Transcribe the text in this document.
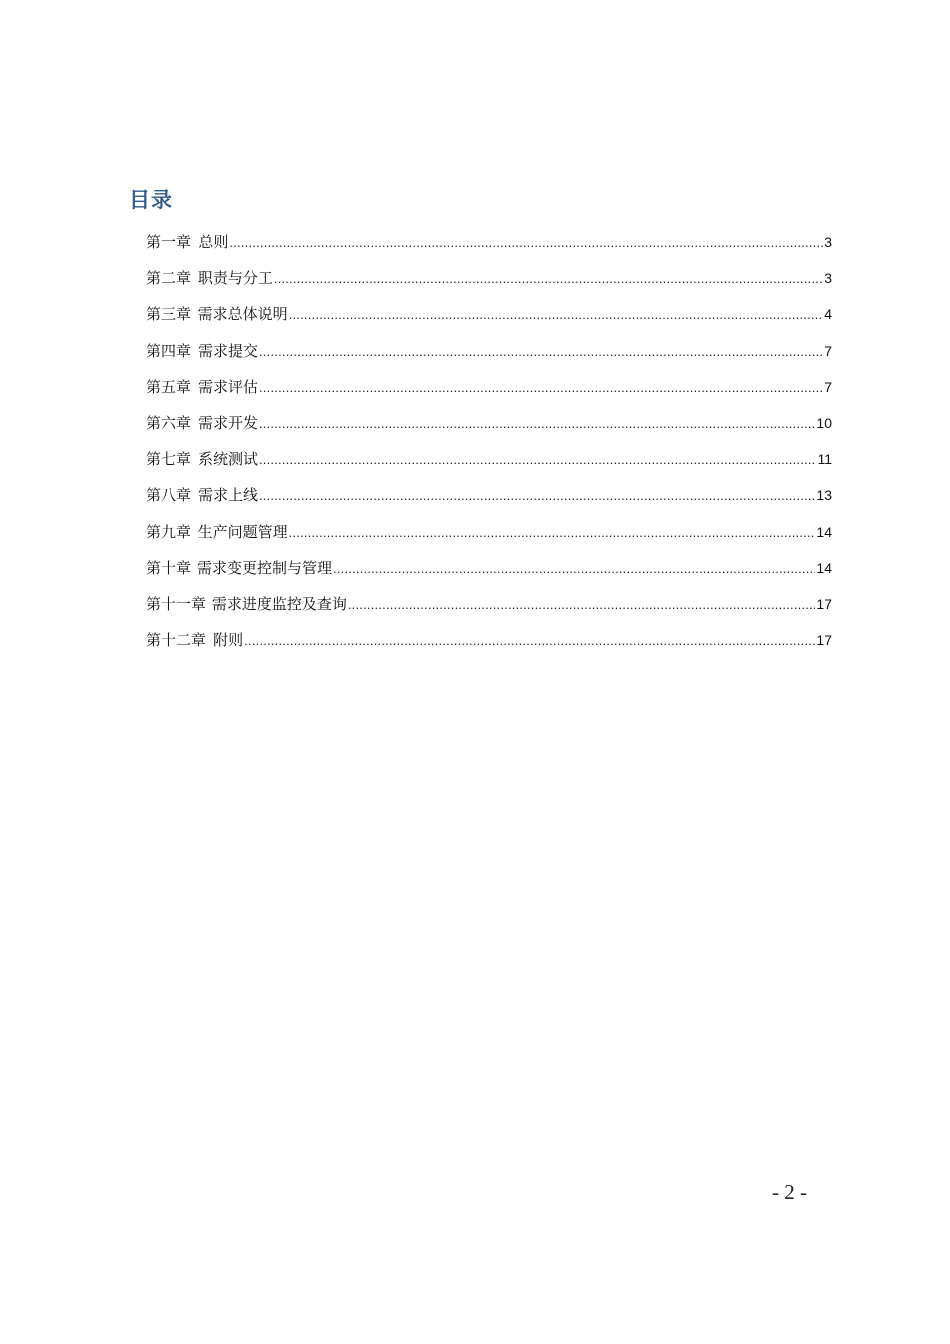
目录
第一章 总则 .....	3
第二章 职责与分工 .....	3
第三章 需求总体说明 .....	4
第四章 需求提交 .....	7
第五章 需求评估 .....	7
第六章 需求开发 .....	10
第七章 系统测试 .....	11
第八章 需求上线 .....	13
第九章 生产问题管理 .....	14
第十章 需求变更控制与管理 .....	14
第十一章 需求进度监控及查询 .....	17
第十二章 附则 .....	17
- 2 -
